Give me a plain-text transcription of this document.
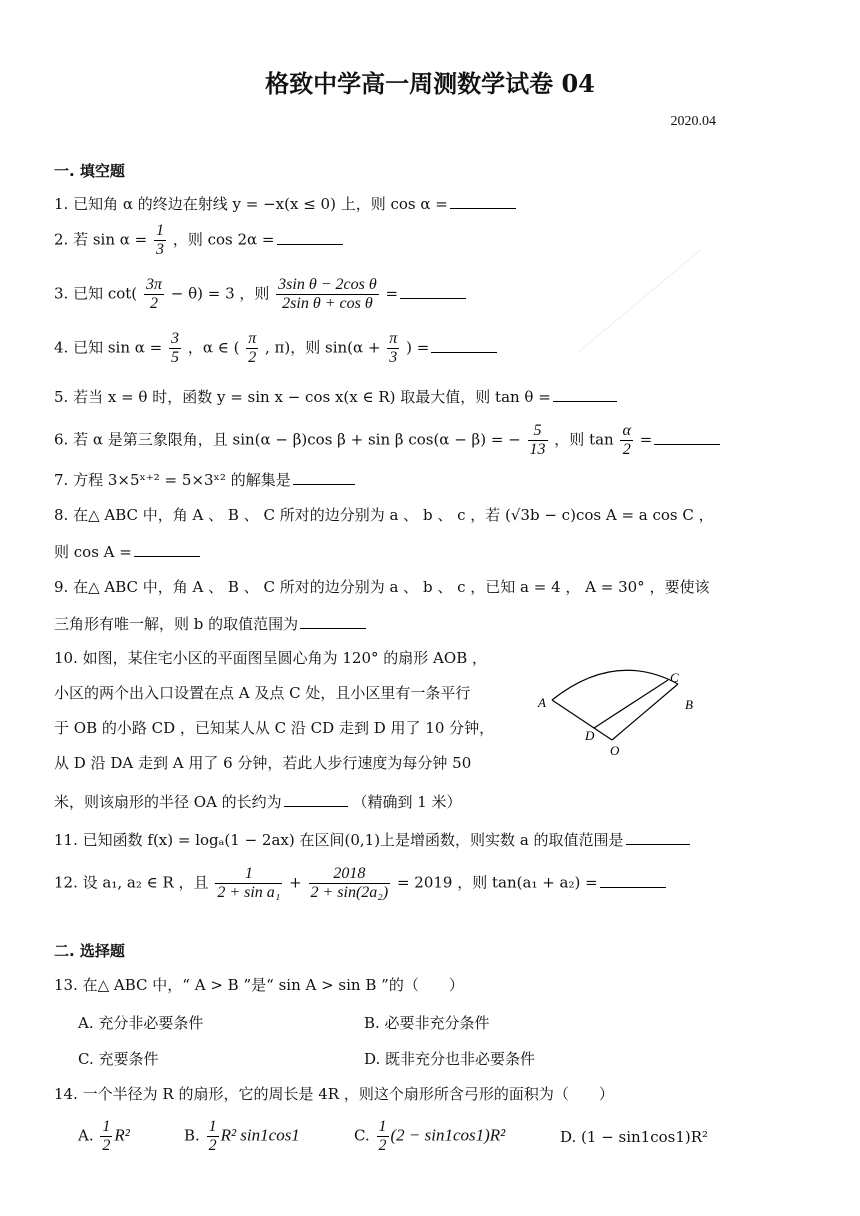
格致中学高一周测数学试卷 04
2020.04
一. 填空题
1. 已知角 α 的终边在射线 y = −x(x ≤ 0) 上，则 cos α =
2. 若 $\sin \alpha = \frac{1}{3}$ ，则 cos 2α =
3. 已知 $\cot( \frac{3\pi}{2} - \theta) = 3$ ，则 $\frac{\text{3sin θ − 2cos θ}}{\text{2sin θ + cos θ}}$ =
4. 已知 $\sin \alpha = \frac{3}{5}$ ，α ∈ ( $\frac{\pi}{2}$ , π)，则 $\sin(\alpha + \frac{\pi}{3}$ ) =
5. 若当 x = θ 时，函数 y = sin x − cos x(x ∈ R) 取最大值，则 tan θ =
6. 若 α 是第三象限角，且 sin(α − β)cos β + sin β cos(α − β) = − $\frac{5}{13}$ ，则 $\tan \frac{\alpha}{2}$ =
7. 方程 3×5ˣ⁺² = 5×3ˣ² 的解集是
8. 在△ ABC 中，角 A 、 B 、 C 所对的边分别为 a 、 b 、 c ，若 (√3b − c)cos A = a cos C ，
则 cos A =
9. 在△ ABC 中，角 A 、 B 、 C 所对的边分别为 a 、 b 、 c ，已知 a = 4 ， A = 30° ，要使该
三角形有唯一解，则 b 的取值范围为
10. 如图，某住宅小区的平面图呈圆心角为 120° 的扇形 AOB ，
小区的两个出入口设置在点 A 及点 C 处，且小区里有一条平行
于 OB 的小路 CD ，已知某人从 C 沿 CD 走到 D 用了 10 分钟，
从 D 沿 DA 走到 A 用了 6 分钟，若此人步行速度为每分钟 50
米，则该扇形的半径 OA 的长约为	（精确到 1 米）
A	B
C
D
O
11. 已知函数 f(x) = logₐ(1 − 2ax) 在区间(0,1)上是增函数，则实数 a 的取值范围是
12. 设 a₁, a₂ ∈ R ，且 $\frac{1}{\text{2 + sin a₁}} + \frac{2018}{\text{2 + sin(2a₂)}} = 2019$ ，则 tan(a₁ + a₂) =
二. 选择题
13. 在△ ABC 中，“ A > B ”是“ sin A > sin B ”的（　　）
A. 充分非必要条件	B. 必要非充分条件
C. 充要条件	D. 既非充分也非必要条件
14. 一个半径为 R 的扇形，它的周长是 4R ，则这个扇形所含弓形的面积为（　　）
A. $\frac{1}{2} R^2$	B. $\frac{1}{2} R^2$ sin1cos1	C. $\frac{1}{2} (2 - \sin 1\cos 1)R^2$	D. (1 − sin1cos1)R²
